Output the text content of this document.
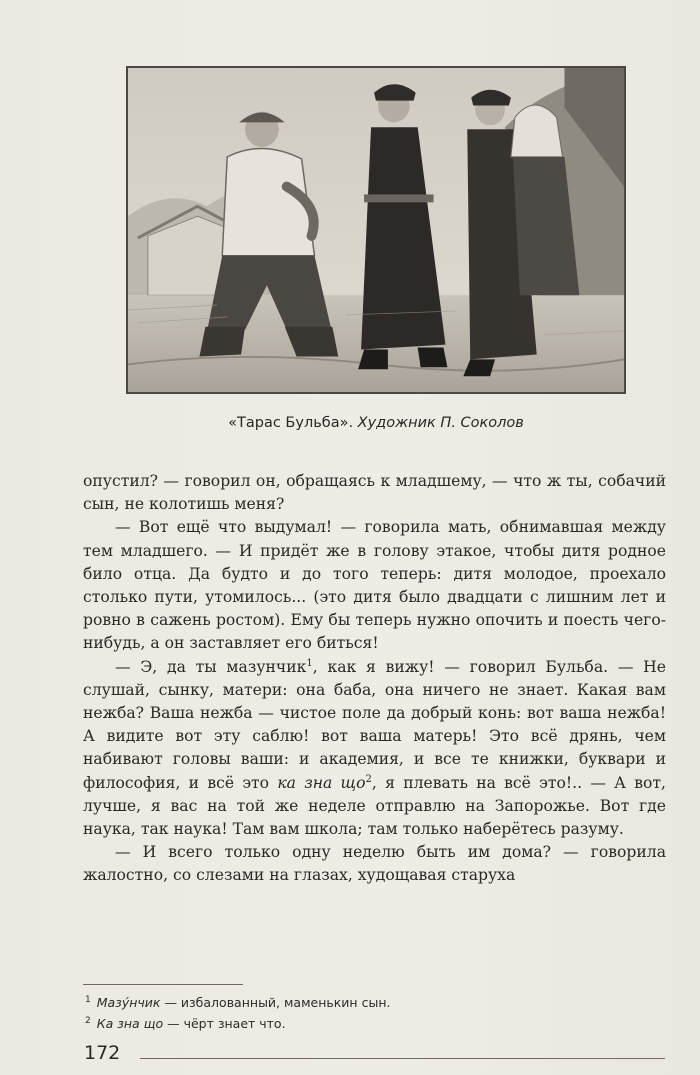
«Тарас Бульба». Художник П. Соколов

опустил? — говорил он, обращаясь к младшему, — что ж ты, собачий сын, не колотишь меня?

— Вот ещё что выдумал! — говорила мать, обнимавшая между тем младшего. — И придёт же в голову этакое, чтобы дитя родное било отца. Да будто и до того теперь: дитя молодое, проехало столько пути, утомилось... (это дитя было двадцати с лишним лет и ровно в сажень ростом). Ему бы теперь нужно опочить и поесть чего-нибудь, а он заставляет его биться!

— Э, да ты мазунчик$^1$, как я вижу! — говорил Бульба. — Не слушай, сынку, матери: она баба, она ничего не знает. Какая вам нежба? Ваша нежба — чистое поле да добрый конь: вот ваша нежба! А видите вот эту саблю! вот ваша матерь! Это всё дрянь, чем набивают головы ваши: и академия, и все те книжки, буквари и философия, и всё это ка зна $що^2$, я плевать на всё это!.. — А вот, лучше, я вас на той же неделе отправлю на Запорожье. Вот где наука, так наука! Там вам школа; там только наберётесь разуму.

— И всего только одну неделю быть им дома? — говорила жалостно, со слезами на глазах, худощавая старуха

$^1$ Мазýнчик — избалованный, маменькин сын.
$^2$ Ка зна що — чёрт знает что.
172
